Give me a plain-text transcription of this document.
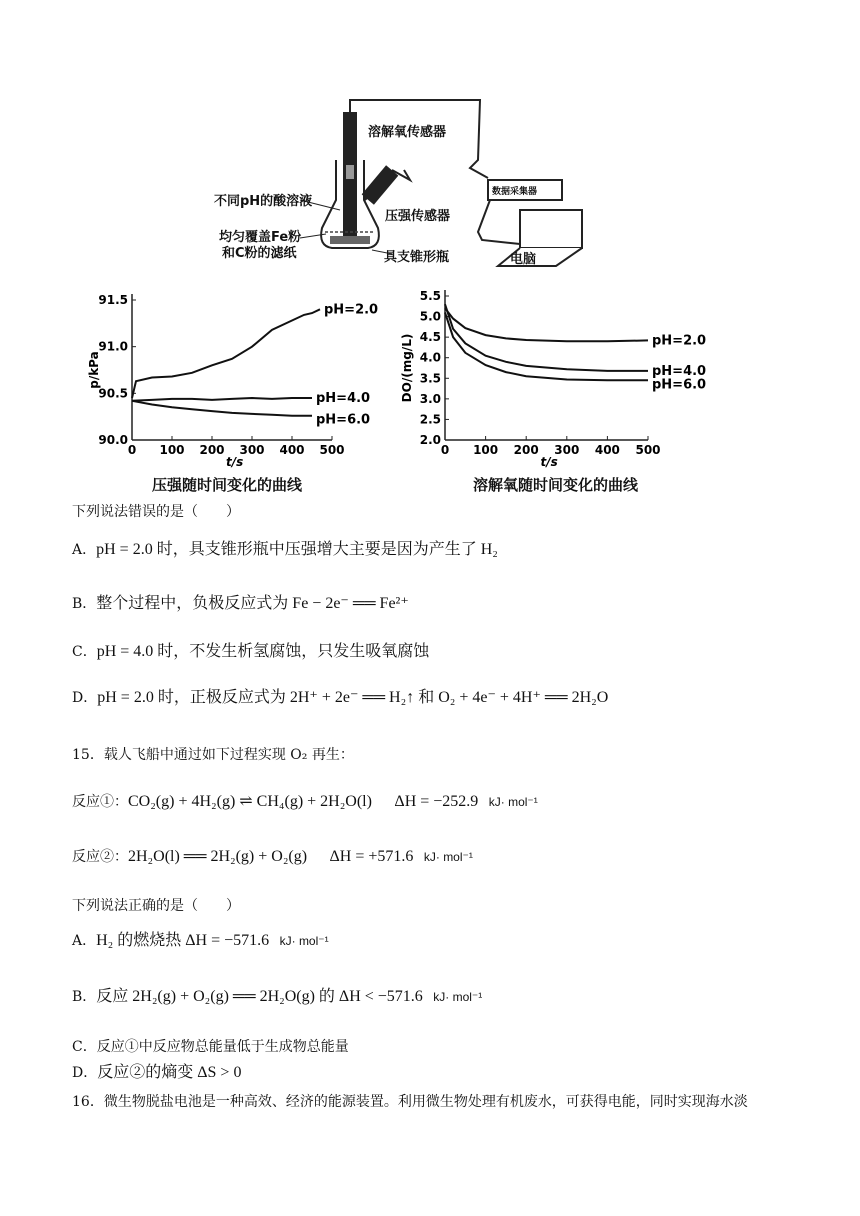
溶解氧传感器
不同pH的酸溶液
压强传感器
均匀覆盖Fe粉
和C粉的滤纸	具支锥形瓶
数据采集器
电脑
0 100 200 300 400 500
90.0
90.5
91.0
91.5
t/s
p/kPa
pH=2.0
pH=4.0
pH=6.0
压强随时间变化的曲线
0 100 200 300 400 500
2.0
2.5
3.0
3.5
4.0
4.5
5.0
5.5
t/s
DO/(mg/L)	pH=2.0
pH=4.0
pH=6.0
溶解氧随时间变化的曲线
下列说法错误的是（　　）
A．pH = 2.0 时，具支锥形瓶中压强增大主要是因为产生了 H₂
B．整个过程中，负极反应式为 Fe − 2e⁻ ══ Fe²⁺
C．pH = 4.0 时，不发生析氢腐蚀，只发生吸氧腐蚀
D．pH = 2.0 时，正极反应式为 2H⁺ + 2e⁻ ══ H₂↑ 和 O₂ + 4e⁻ + 4H⁺ ══ 2H₂O
15．载人飞船中通过如下过程实现 O₂ 再生：
反应①：CO₂(g) + 4H₂(g) ⇌ CH₄(g) + 2H₂O(l) ΔH = −252.9 kJ· mol⁻¹
反应②：2H₂O(l) ══ 2H₂(g) + O₂(g) ΔH = +571.6 kJ· mol⁻¹
下列说法正确的是（　　）
A．H₂ 的燃烧热 ΔH = −571.6 kJ· mol⁻¹
B．反应 2H₂(g) + O₂(g) ══ 2H₂O(g) 的 ΔH < −571.6 kJ· mol⁻¹
C．反应①中反应物总能量低于生成物总能量
D．反应②的熵变 ΔS > 0
16．微生物脱盐电池是一种高效、经济的能源装置。利用微生物处理有机废水，可获得电能，同时实现海水淡
